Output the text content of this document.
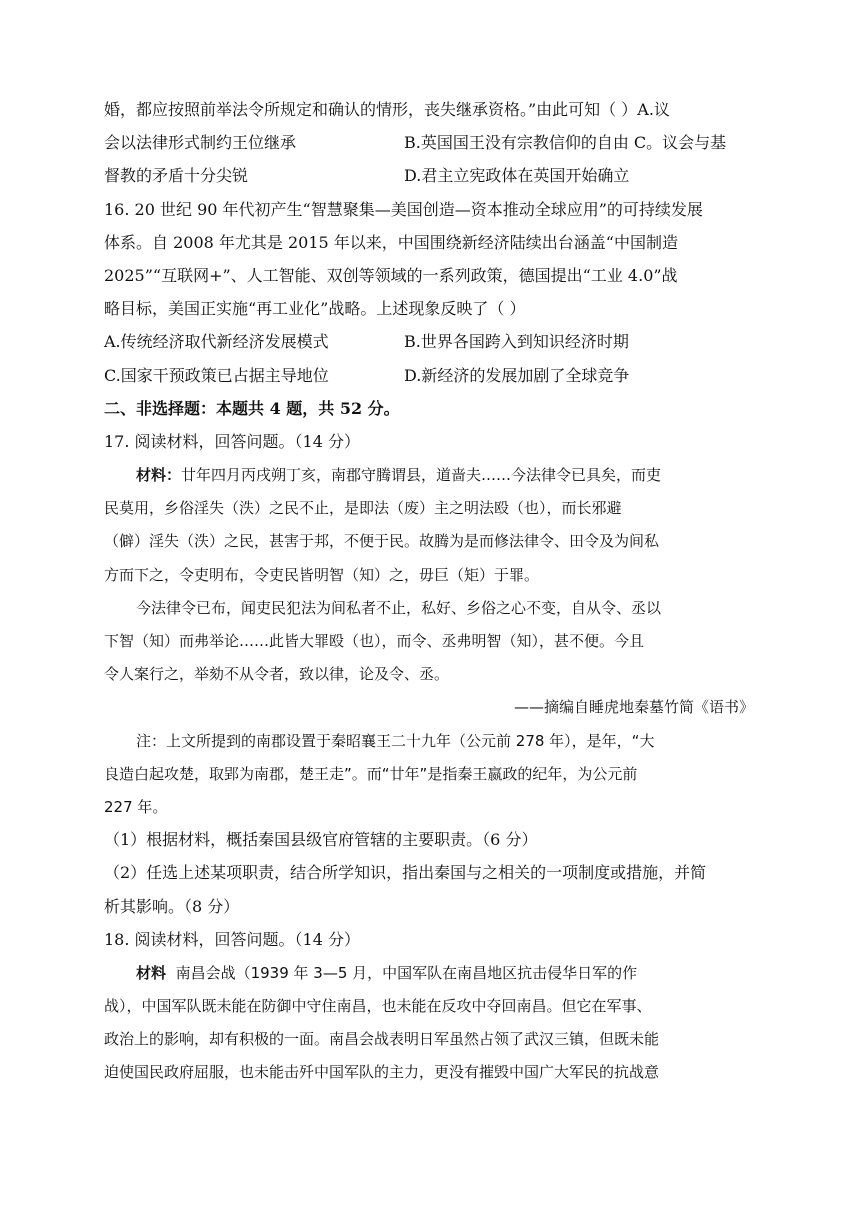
婚，都应按照前举法令所规定和确认的情形，丧失继承资格。”由此可知（ ）A.议
会以法律形式制约王位继承	B.英国国王没有宗教信仰的自由 C。议会与基
督教的矛盾十分尖锐	D.君主立宪政体在英国开始确立
16. 20 世纪 90 年代初产生“智慧聚集—美国创造—资本推动全球应用”的可持续发展
体系。自 2008 年尤其是 2015 年以来，中国围绕新经济陆续出台涵盖“中国制造
2025”“互联网+”、人工智能、双创等领域的一系列政策，德国提出“工业 4.0”战
略目标，美国正实施“再工业化”战略。上述现象反映了（ ）
A.传统经济取代新经济发展模式	B.世界各国跨入到知识经济时期
C.国家干预政策已占据主导地位	D.新经济的发展加剧了全球竞争
二、非选择题：本题共 4 题，共 52 分。
17. 阅读材料，回答问题。（14 分）
材料：廿年四月丙戌朔丁亥，南郡守腾谓县，道啬夫……今法律令已具矣，而吏
民莫用，乡俗淫失（泆）之民不止，是即法（废）主之明法殴（也），而长邪避
（僻）淫失（泆）之民，甚害于邦，不便于民。故腾为是而修法律令、田令及为间私
方而下之，令吏明布，令吏民皆明智（知）之，毋巨（矩）于罪。
今法律令已布，闻吏民犯法为间私者不止，私好、乡俗之心不变，自从令、丞以
下智（知）而弗举论……此皆大罪殴（也），而令、丞弗明智（知），甚不便。今且
令人案行之，举劾不从令者，致以律，论及令、丞。
——摘编自睡虎地秦墓竹简《语书》
注：上文所提到的南郡设置于秦昭襄王二十九年（公元前 278 年），是年，“大
良造白起攻楚，取郢为南郡，楚王走”。而“廿年”是指秦王嬴政的纪年，为公元前
227 年。
（1）根据材料，概括秦国县级官府管辖的主要职责。（6 分）
（2）任选上述某项职责，结合所学知识，指出秦国与之相关的一项制度或措施，并简
析其影响。（8 分）
18. 阅读材料，回答问题。（14 分）
材料 南昌会战（1939 年 3—5 月，中国军队在南昌地区抗击侵华日军的作
战），中国军队既未能在防御中守住南昌，也未能在反攻中夺回南昌。但它在军事、
政治上的影响，却有积极的一面。南昌会战表明日军虽然占领了武汉三镇，但既未能
迫使国民政府屈服，也未能击歼中国军队的主力，更没有摧毁中国广大军民的抗战意
